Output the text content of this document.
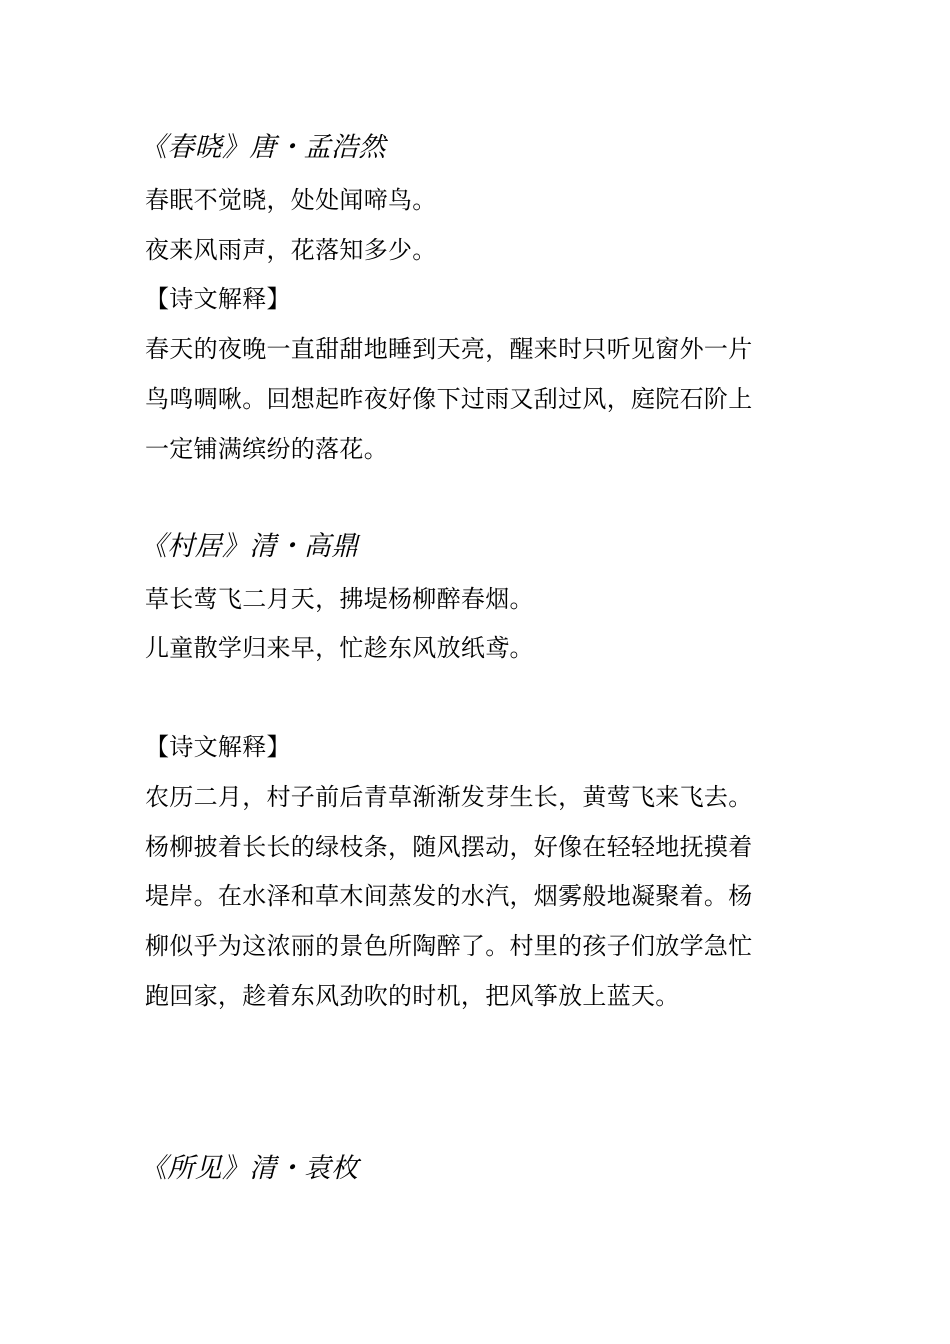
《春晓》唐・孟浩然
春眠不觉晓，处处闻啼鸟。
夜来风雨声，花落知多少。
【诗文解释】
春天的夜晚一直甜甜地睡到天亮，醒来时只听见窗外一片
鸟鸣啁啾。回想起昨夜好像下过雨又刮过风，庭院石阶上
一定铺满缤纷的落花。
《村居》清・高鼎
草长莺飞二月天，拂堤杨柳醉春烟。
儿童散学归来早，忙趁东风放纸鸢。
【诗文解释】
农历二月，村子前后青草渐渐发芽生长，黄莺飞来飞去。
杨柳披着长长的绿枝条，随风摆动，好像在轻轻地抚摸着
堤岸。在水泽和草木间蒸发的水汽，烟雾般地凝聚着。杨
柳似乎为这浓丽的景色所陶醉了。村里的孩子们放学急忙
跑回家，趁着东风劲吹的时机，把风筝放上蓝天。
《所见》清・袁枚
